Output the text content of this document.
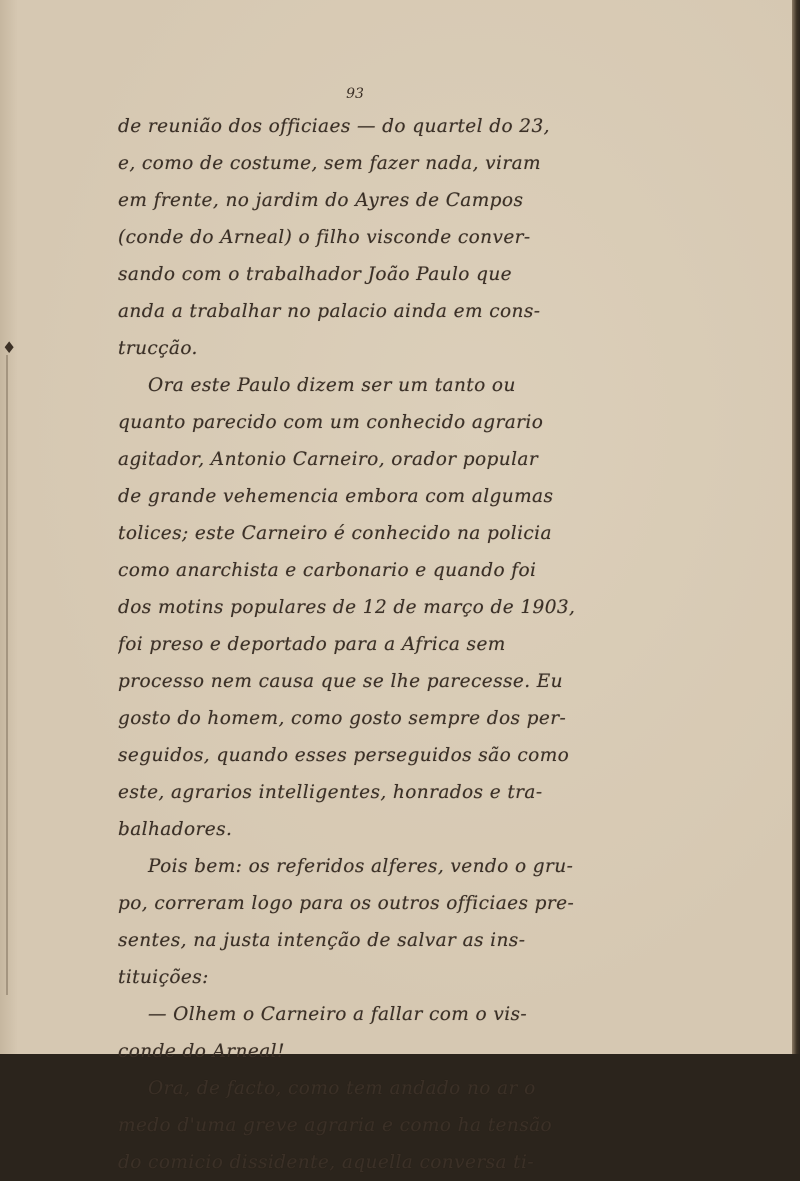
♦
93
de reunião dos officiaes — do quartel do 23,
e, como de costume, sem fazer nada, viram
em frente, no jardim do Ayres de Campos
(conde do Arneal) o filho visconde conver-
sando com o trabalhador João Paulo que
anda a trabalhar no palacio ainda em cons-
trucção.
Ora este Paulo dizem ser um tanto ou
quanto parecido com um conhecido agrario
agitador, Antonio Carneiro, orador popular
de grande vehemencia embora com algumas
tolices; este Carneiro é conhecido na policia
como anarchista e carbonario e quando foi
dos motins populares de 12 de março de 1903,
foi preso e deportado para a Africa sem
processo nem causa que se lhe parecesse. Eu
gosto do homem, como gosto sempre dos per-
seguidos, quando esses perseguidos são como
este, agrarios intelligentes, honrados e tra-
balhadores.
Pois bem: os referidos alferes, vendo o gru-
po, correram logo para os outros officiaes pre-
sentes, na justa intenção de salvar as ins-
tituições:
— Olhem o Carneiro a fallar com o vis-
conde do Arneal!
Ora, de facto, como tem andado no ar o
medo d'uma greve agraria e como ha tensão
do comicio dissidente, aquella conversa ti-
